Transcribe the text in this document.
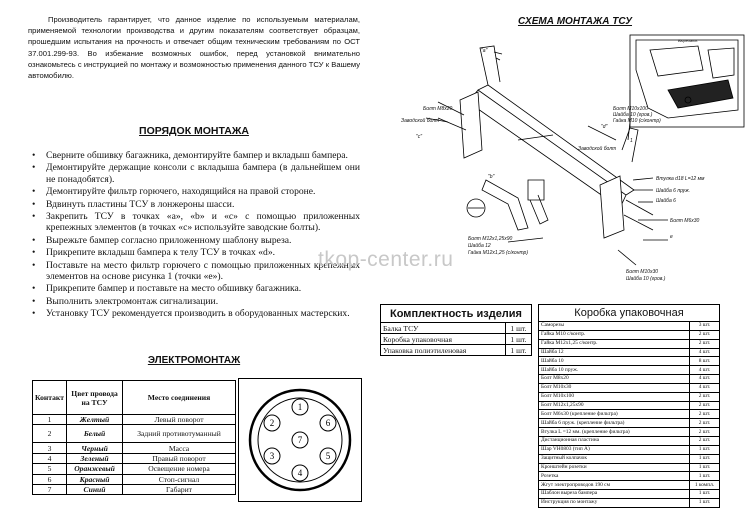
Производитель гарантирует, что данное изделие по используемым материалам, применяемой технологии производства и другим показателям соответствует образцам, прошедшим испытания на прочность и отвечает общим техническим требованиям по ОСТ 37.001.299-93. Во избежание возможных ошибок, перед установкой внимательно ознакомьтесь с инструкцией по монтажу и возможностью применения данного ТСУ к Вашему автомобилю.
ПОРЯДОК МОНТАЖА
• Сверните обшивку багажника, демонтируйте бампер и вкладыш бампера.
• Демонтируйте держащие консоли с вкладыша бампера (в дальнейшем они не понадобятся).
• Демонтируйте фильтр горючего, находящийся на правой стороне.
• Вдвинуть пластины ТСУ в лонжероны шасси.
• Закрепить ТСУ в точках «а», «b» и «с» с помощью приложенных крепежных элементов (в точках «с» используйте заводские болты).
• Вырежьте бампер согласно приложенному шаблону выреза.
• Прикрепите вкладыш бампера к телу ТСУ в точках «d».
• Поставьте на место фильтр горючего с помощью приложенных крепежных элементов на основе рисунка 1 (точки «е»).
• Прикрепите бампер и поставьте на место обшивку багажника.
• Выполнить электромонтаж сигнализации.
• Установку ТСУ рекомендуется производить в оборудованных мастерских.
ЭЛЕКТРОМОНТАЖ
Контакт	Цвет провода на ТСУ	Место соединения
1	Желтый	Левый поворот
2	Белый	Задний противотуманный
3	Черный	Масса
4	Зеленый	Правый поворот
5	Оранжевый	Освещение номера
6	Красный	Стоп-сигнал
7	Синий	Габарит
1
2
3
4
5
6
7
СХЕМА МОНТАЖА ТСУ
Болт М8х20
Заводской болт
"a"
"c"
"b"
Заводской болт
Болт М10х100
Шайба 10 (гров.)
Гайка М10 (с/контр)
"d"
1
Втулка d18 L=12 мм
Шайба 6 пруж.
Шайба 6
Болт М6х30
e
Болт М12х1,25х90
Шайба 12
Гайка М12х1,25 (с/контр)
Болт М10х30
Шайба 10 (гров.)
Вырезать
tkop-center.ru
Комплектность изделия
Балка ТСУ	1 шт.
Коробка упаковочная	1 шт.
Упаковка полиэтиленовая	1 шт.
Коробка упаковочная
Саморезы	3 шт.
Гайка М10 с/контр.	2 шт.
Гайка М12х1,25 с/контр.	2 шт.
Шайба 12	4 шт.
Шайба 10	8 шт.
Шайба 10 пруж.	4 шт.
Болт М8х20	4 шт.
Болт М10х30	4 шт.
Болт М10х100	2 шт.
Болт М12х1,25х90	2 шт.
Болт М6х30 (крепление фильтра)	2 шт.
Шайба 6 пруж. (крепление фильтра)	2 шт.
Втулка L =12 мм. (крепление фильтра)	2 шт.
Дистанционная пластина	2 шт.
Шар VH0803 (тип А)	1 шт.
Защитный колпачок	1 шт.
Кронштейн розетки	1 шт.
Розетка	1 шт.
Жгут электропроводов 190 см	1 компл.
Шаблон выреза бампера	1 шт.
Инструкция по монтажу	1 шт.
